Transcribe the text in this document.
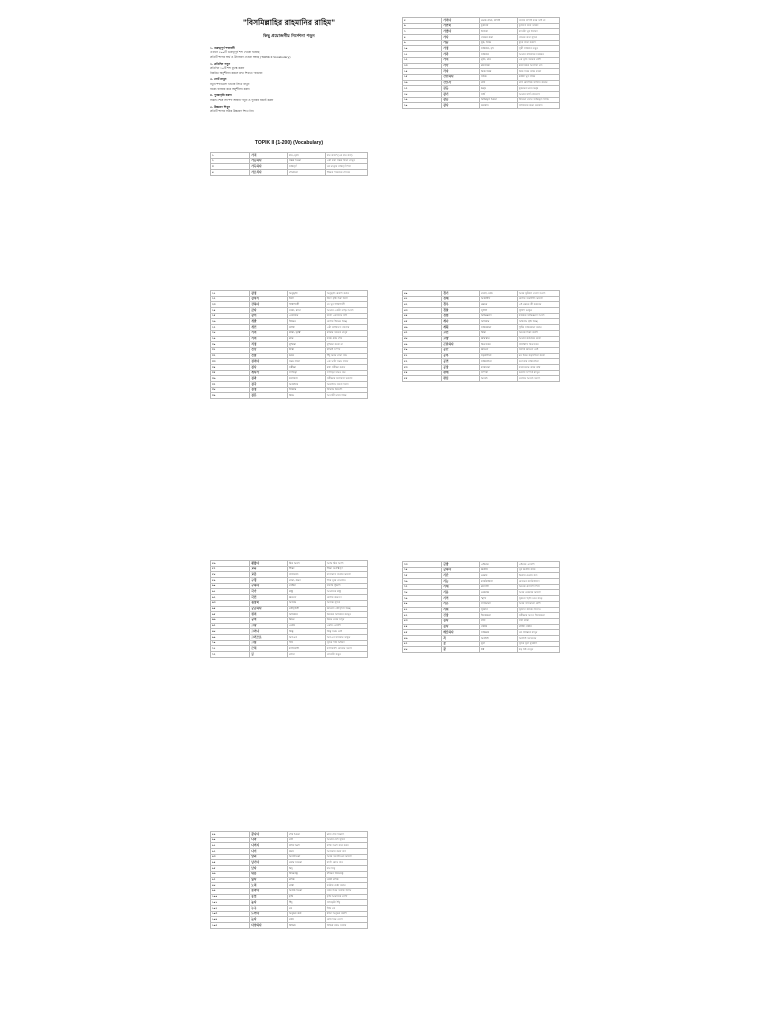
"বিসমিল্লাহির রাহমানির রাহিম"
কিছু প্রয়োজনীয় নির্দেশনা পড়ুন

১. গুরুত্বপূর্ণ শব্দাবলী

এখানে ২০০টি গুরুত্বপূর্ণ শব্দ দেওয়া হয়েছে

প্রতিটি শব্দের অর্থ ও উদাহরণ দেওয়া আছে (TOPIK II Vocabulary)

২. প্রতিদিন পড়ুন

প্রতিদিন ১০টি শব্দ মুখস্থ করুন

নিয়মিত অনুশীলন করলে দ্রুত শিখতে পারবেন

৩. নোট রাখুন

নতুন শব্দগুলো খাতায় লিখে রাখুন

বাক্যে ব্যবহার করে অনুশীলন করুন

৪. পুনরাবৃত্তি করুন

সপ্তাহ শেষে সব শব্দ আবার পড়ুন ও পুনরায় যাচাই করুন

৫. উচ্চারণ শিখুন

প্রতিটি শব্দের সঠিক উচ্চারণ শিখে নিন

TOPIK II (1-200) (Vocabulary)
১	가격	দাম, মূল্য	দাম কত? (এর দাম কত)
২	가능하다	সম্ভব হওয়া	এটা করা সম্ভব কিনা দেখুন
৩	가득하다	পরিপূর্ণ	ঘর মানুষে পরিপূর্ণ ছিল
৪	가르치다	শেখানো	শিক্ষক ছাত্রদের শেখান
৫	가리다	ঢেকে রাখা, বাছাই	খাবার বাছাই করে খাই না
৬	가만히	চুপচাপ	চুপচাপ বসে থাকো
৭	가볍다	হালকা	ব্যাগটা খুব হালকা
৮	가사	গানের কথা	গানের কথা সুন্দর
৯	가슴	বুক, হৃদয়	বুকে ব্যথা করছে
১০	가정	পরিবার, গৃহ	সুখী পরিবার গড়ুন
১১	가족	পরিবার	আমার পরিবারে চারজন
১২	가치	মূল্য, মান	এর মূল্য অনেক বেশি
১৩	각각	প্রত্যেকে	প্রত্যেকের আলাদা মত
১৪	각자	নিজ নিজ	নিজ নিজ কাজ করো
১৫	간단하다	সহজ	প্রশ্নটা খুব সহজ
১৬	간호사	নার্স	নার্স রোগীকে সাহায্য করেন
১৭	갈등	দ্বন্দ্ব	দুজনের মধ্যে দ্বন্দ্ব
১৮	감기	সর্দি	আমার সর্দি লেগেছে
১৯	감동	অভিভূত হওয়া	সিনেমা দেখে অভিভূত হলাম
২০	감사	ধন্যবাদ	সাহায্যের জন্য ধন্যবাদ
২১	감정	অনুভূতি	অনুভূতি প্রকাশ করুন
২২	갑자기	হঠাৎ	হঠাৎ বৃষ্টি শুরু হলো
২৩	강하다	শক্তিশালী	সে খুব শক্তিশালী
২৪	갖다	থাকা, রাখা	আমার একটা গাড়ি আছে
২৫	같이	একসাথে	চলো একসাথে যাই
২৬	개발	উন্নয়ন	দেশের উন্নয়ন হচ্ছে
২৭	개인	ব্যক্তি	এটা ব্যক্তিগত ব্যাপার
২৮	거리	রাস্তা, দূরত্ব	রাস্তায় অনেক মানুষ
২৯	거의	প্রায়	কাজ প্রায় শেষ
৩০	걱정	দুশ্চিন্তা	দুশ্চিন্তা করো না
৩১	건강	স্বাস্থ্য	স্বাস্থ্যই সম্পদ
৩২	건물	ভবন	উঁচু ভবন দেখা যায়
৩৩	걸리다	সময় লাগা	এক ঘণ্টা সময় লাগে
৩৪	검사	পরীক্ষা	রক্ত পরীক্ষা করুন
৩৫	게다가	তাছাড়া	তাছাড়া দামও কম
৩৬	결과	ফলাফল	পরীক্ষার ফলাফল ভালো
৩৭	결국	অবশেষে	অবশেষে সফল হলো
৩৮	결정	সিদ্ধান্ত	সিদ্ধান্ত নিয়েছি
৩৯	결혼	বিয়ে	আগামী মাসে বিয়ে
৪০	경기	খেলা, ম্যাচ	আজ ফুটবল খেলা আছে
৪১	경제	অর্থনীতি	দেশের অর্থনীতি ভালো
৪২	경우	ক্ষেত্রে	এই ক্ষেত্রে কী করবেন
৪৩	경찰	পুলিশ	পুলিশ ডাকুন
৪৪	경험	অভিজ্ঞতা	কাজের অভিজ্ঞতা আছে
৪৫	계속	অবিরাম	অবিরাম বৃষ্টি হচ্ছে
৪৬	계획	পরিকল্পনা	ছুটির পরিকল্পনা করুন
৪৭	고민	চিন্তা	অনেক চিন্তা করছি
৪৮	고향	জন্মস্থান	আমার জন্মস্থান ঢাকা
৪৯	곤란하다	বিব্রতকর	পরিস্থিতি বিব্রতকর
৫০	공간	জায়গা	পর্যাপ্ত জায়গা নেই
৫১	공부	পড়াশোনা	মন দিয়ে পড়াশোনা করো
৫২	공연	পরিবেশনা	চমৎকার পরিবেশনা
৫৩	공장	কারখানা	কারখানায় কাজ করি
৫৪	관계	সম্পর্ক	ভালো সম্পর্ক রাখুন
৫৫	관심	আগ্রহ	খেলায় আগ্রহ আছে
৫৬	괜찮다	ঠিক আছে	আমি ঠিক আছি
৫৭	교육	শিক্ষা	শিক্ষা গুরুত্বপূর্ণ
৫৮	교통	যাতায়াত	যাতায়াত ব্যবস্থা ভালো
৫৯	구경	দেখা, ভ্রমণ	শহর ঘুরে দেখলাম
৬০	구하다	খোঁজা	চাকরি খুঁজছি
৬১	국가	রাষ্ট্র	আমাদের রাষ্ট্র
৬২	국민	জনগণ	দেশের জনগণ
৬৩	굉장히	অত্যন্ত	অত্যন্ত সুন্দর
৬৪	궁금하다	কৌতূহলী	জানতে কৌতূহল হচ্ছে
৬৫	권리	অধিকার	নিজের অধিকার জানুন
৬৬	규칙	নিয়ম	নিয়ম মেনে চলুন
৬৭	그냥	এমনি	এমনি এসেছি
৬৮	그러나	কিন্তু	কিন্তু সময় নেই
৬৯	그러므로	অতএব	অতএব সাবধান থাকুন
৭০	그림	ছবি	সুন্দর ছবি আঁকো
৭১	근처	কাছাকাছি	কাছাকাছি দোকান আছে
৭২	글	লেখা	লেখাটা পড়ুন
৭৩	금방	এইমাত্র	এইমাত্র এসেছি
৭৪	급하다	জরুরি	খুব জরুরি কাজ
৭৫	기간	মেয়াদ	ভিসার মেয়াদ কত
৭৬	기능	কার্যকারিতা	ফোনের কার্যকারিতা
৭৭	기대	প্রত্যাশা	অনেক প্রত্যাশা ছিল
৭৮	기분	মেজাজ	আজ মেজাজ ভালো
৭৯	기억	স্মৃতি	পুরনো স্মৃতি মনে পড়ে
৮০	기온	তাপমাত্রা	আজ তাপমাত্রা বেশি
৮১	기회	সুযোগ	সুযোগ কাজে লাগাও
৮২	긴장	উত্তেজনা	পরীক্ষার আগে উত্তেজনা
৮৩	길다	লম্বা	লম্বা রাস্তা
৮৪	깊다	গভীর	নদীটা গভীর
৮৫	깨끗하다	পরিষ্কার	ঘর পরিষ্কার রাখুন
৮৬	꼭	অবশ্যই	অবশ্যই আসবেন
৮৭	꽃	ফুল	সুন্দর ফুল ফুটেছে
৮৮	꿈	স্বপ্ন	বড় স্বপ্ন দেখুন
৮৯	끝나다	শেষ হওয়া	ক্লাস শেষ হয়েছে
৯০	나라	দেশ	আমার দেশ সুন্দর
৯১	나머지	বাকি অংশ	বাকি অংশ পরে করব
৯২	나이	বয়স	আপনার বয়স কত
৯৩	날씨	আবহাওয়া	আজ আবহাওয়া ভালো
৯৪	남기다	রেখে যাওয়া	বার্তা রেখে যান
৯৫	낮다	নিচু	দাম নিচু
৯৬	내용	বিষয়বস্তু	বইয়ের বিষয়বস্তু
৯৭	넓다	প্রশস্ত	ঘরটা প্রশস্ত
৯৮	노력	চেষ্টা	কঠোর চেষ্টা করুন
৯৯	놀라다	অবাক হওয়া	খবর শুনে অবাক হলাম
১০০	농업	কৃষি	কৃষি আমাদের পেশা
১০১	높다	উঁচু	পাহাড়টা উঁচু
১০২	누구	কে	উনি কে
১০৩	느끼다	অনুভব করা	ঠান্ডা অনুভব করছি
১০৪	늦다	দেরি	দেরি হয়ে গেছে
১০৫	다양하다	বিভিন্ন	বিভিন্ন রকম খাবার
